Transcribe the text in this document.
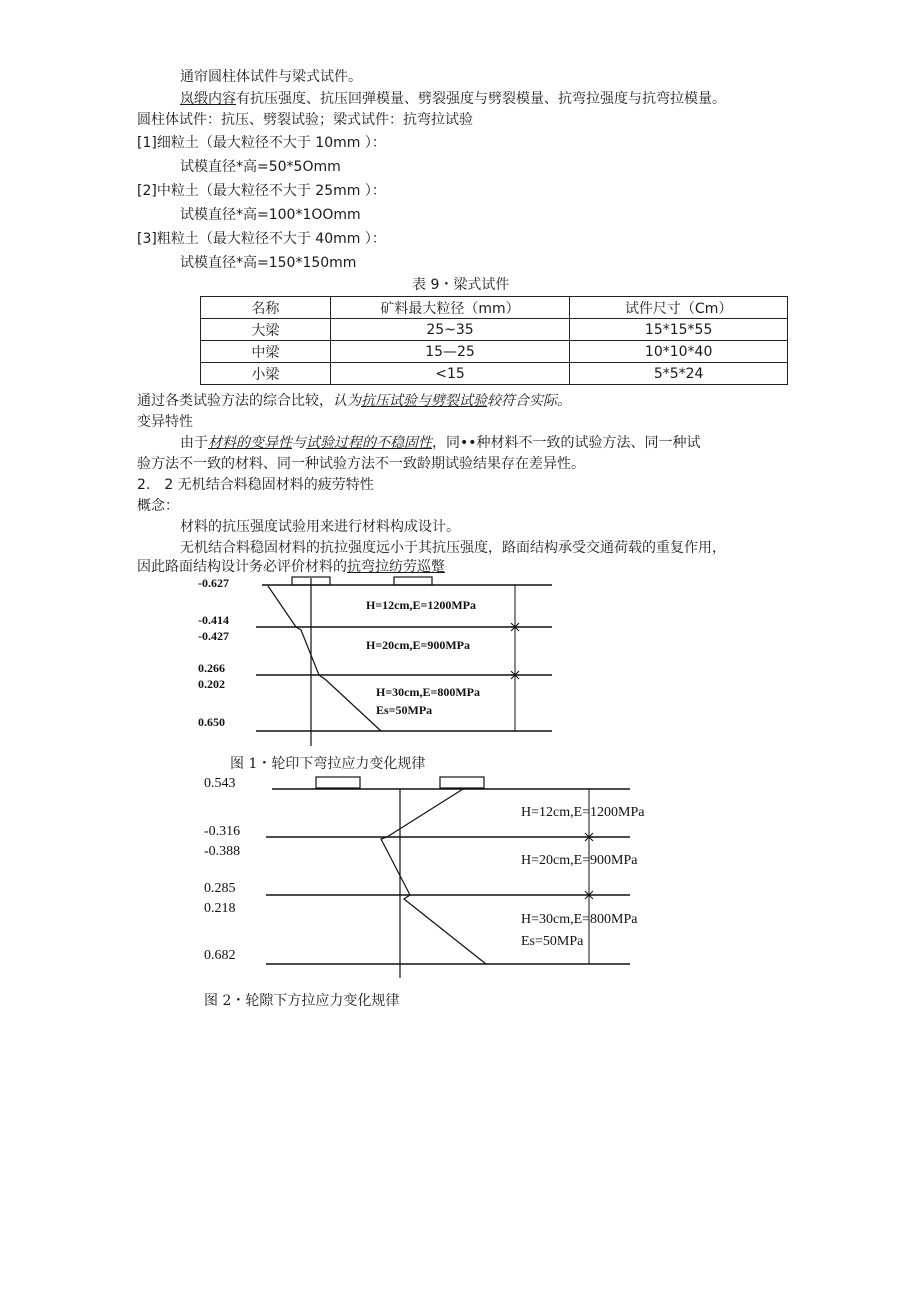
通帘圆柱体试件与梁式试件。
岚缎内容有抗压强度、抗压回弹模量、劈裂强度与劈裂模量、抗弯拉强度与抗弯拉模量。
圆柱体试件：抗压、劈裂试验；梁式试件：抗弯拉试验
[1]细粒土（最大粒径不大于 10mm ）：
试模直径*高=50*5Omm
[2]中粒土（最大粒径不大于 25mm ）：
试模直径*高=100*1OOmm
[3]粗粒土（最大粒径不大于 40mm ）：
试模直径*高=150*150mm
表 9・梁式试件
名称	矿料最大粒径（mm）	试件尺寸（Cm）
大梁	25~35	15*15*55
中梁	15—25	10*10*40
小梁	<15	5*5*24
通过各类试验方法的综合比较，认为抗压试验与劈裂试验较符合实际。
变异特性
由于材料的变异性与试验过程的不稳固性，同••种材料不一致的试验方法、同一种试
验方法不一致的材料、同一种试验方法不一致龄期试验结果存在差异性。
2.　2 无机结合料稳固材料的疲劳特性
概念：
材料的抗压强度试验用来进行材料构成设计。
无机结合料稳固材料的抗拉强度远小于其抗压强度，路面结构承受交通荷载的重复作用，
因此路面结构设计务必评价材料的抗弯拉纺劳巡蹩
-0.627
-0.414
-0.427
0.266
0.202
0.650
H=12cm,E=1200MPa
H=20cm,E=900MPa
H=30cm,E=800MPa
Es=50MPa
图 1・轮印下弯拉应力变化规律
0.543
-0.316
-0.388
0.285
0.218
0.682
H=12cm,E=1200MPa
H=20cm,E=900MPa
H=30cm,E=800MPa
Es=50MPa
图 2・轮隙下方拉应力变化规律
